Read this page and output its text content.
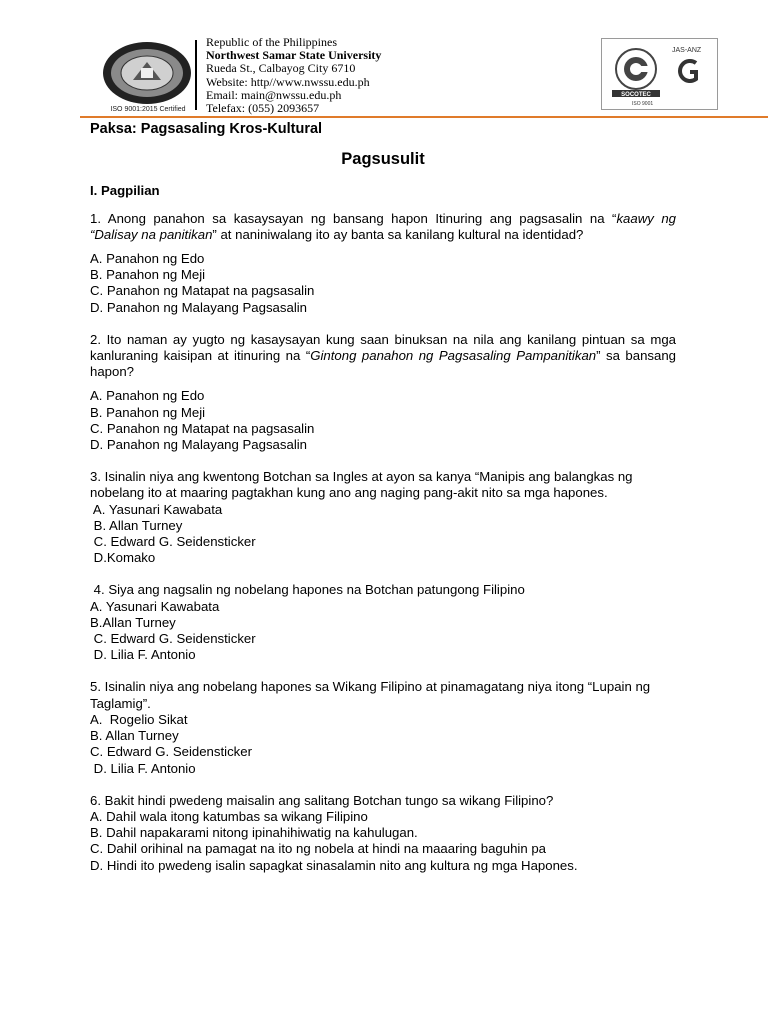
ISO 9001:2015 Certified
Republic of the Philippines
Northwest Samar State University
Rueda St., Calbayog City 6710
Website: http//www.nwssu.edu.ph
Email: main@nwssu.edu.ph
Telefax: (055) 2093657
SOCOTEC
JAS-ANZ
ISO 9001

Paksa: Pagsasaling Kros-Kultural

Pagsusulit

I. Pagpilian

1. Anong panahon sa kasaysayan ng bansang hapon Itinuring ang pagsasalin na “kaawy ng “Dalisay na panitikan” at naniniwalang ito ay banta sa kanilang kultural na identidad?

A. Panahon ng Edo
B. Panahon ng Meji
C. Panahon ng Matapat na pagsasalin
D. Panahon ng Malayang Pagsasalin

2. Ito naman ay yugto ng kasaysayan kung saan binuksan na nila ang kanilang pintuan sa mga kanluraning kaisipan at itinuring na “Gintong panahon ng Pagsasaling Pampanitikan” sa bansang hapon?

A. Panahon ng Edo
B. Panahon ng Meji
C. Panahon ng Matapat na pagsasalin
D. Panahon ng Malayang Pagsasalin

3. Isinalin niya ang kwentong Botchan sa Ingles at ayon sa kanya “Manipis ang balangkas ng nobelang ito at maaring pagtakhan kung ano ang naging pang-akit nito sa mga hapones.

A. Yasunari Kawabata
B. Allan Turney
C. Edward G. Seidensticker
D.Komako

4. Siya ang nagsalin ng nobelang hapones na Botchan patungong Filipino

A. Yasunari Kawabata
B.Allan Turney
C. Edward G. Seidensticker
D. Lilia F. Antonio

5. Isinalin niya ang nobelang hapones sa Wikang Filipino at pinamagatang niya itong “Lupain ng Taglamig”.

A.  Rogelio Sikat
B. Allan Turney
C. Edward G. Seidensticker
D. Lilia F. Antonio

6. Bakit hindi pwedeng maisalin ang salitang Botchan tungo sa wikang Filipino?

A. Dahil wala itong katumbas sa wikang Filipino
B. Dahil napakarami nitong ipinahihiwatig na kahulugan.
C. Dahil orihinal na pamagat na ito ng nobela at hindi na maaaring baguhin pa
D. Hindi ito pwedeng isalin sapagkat sinasalamin nito ang kultura ng mga Hapones.
